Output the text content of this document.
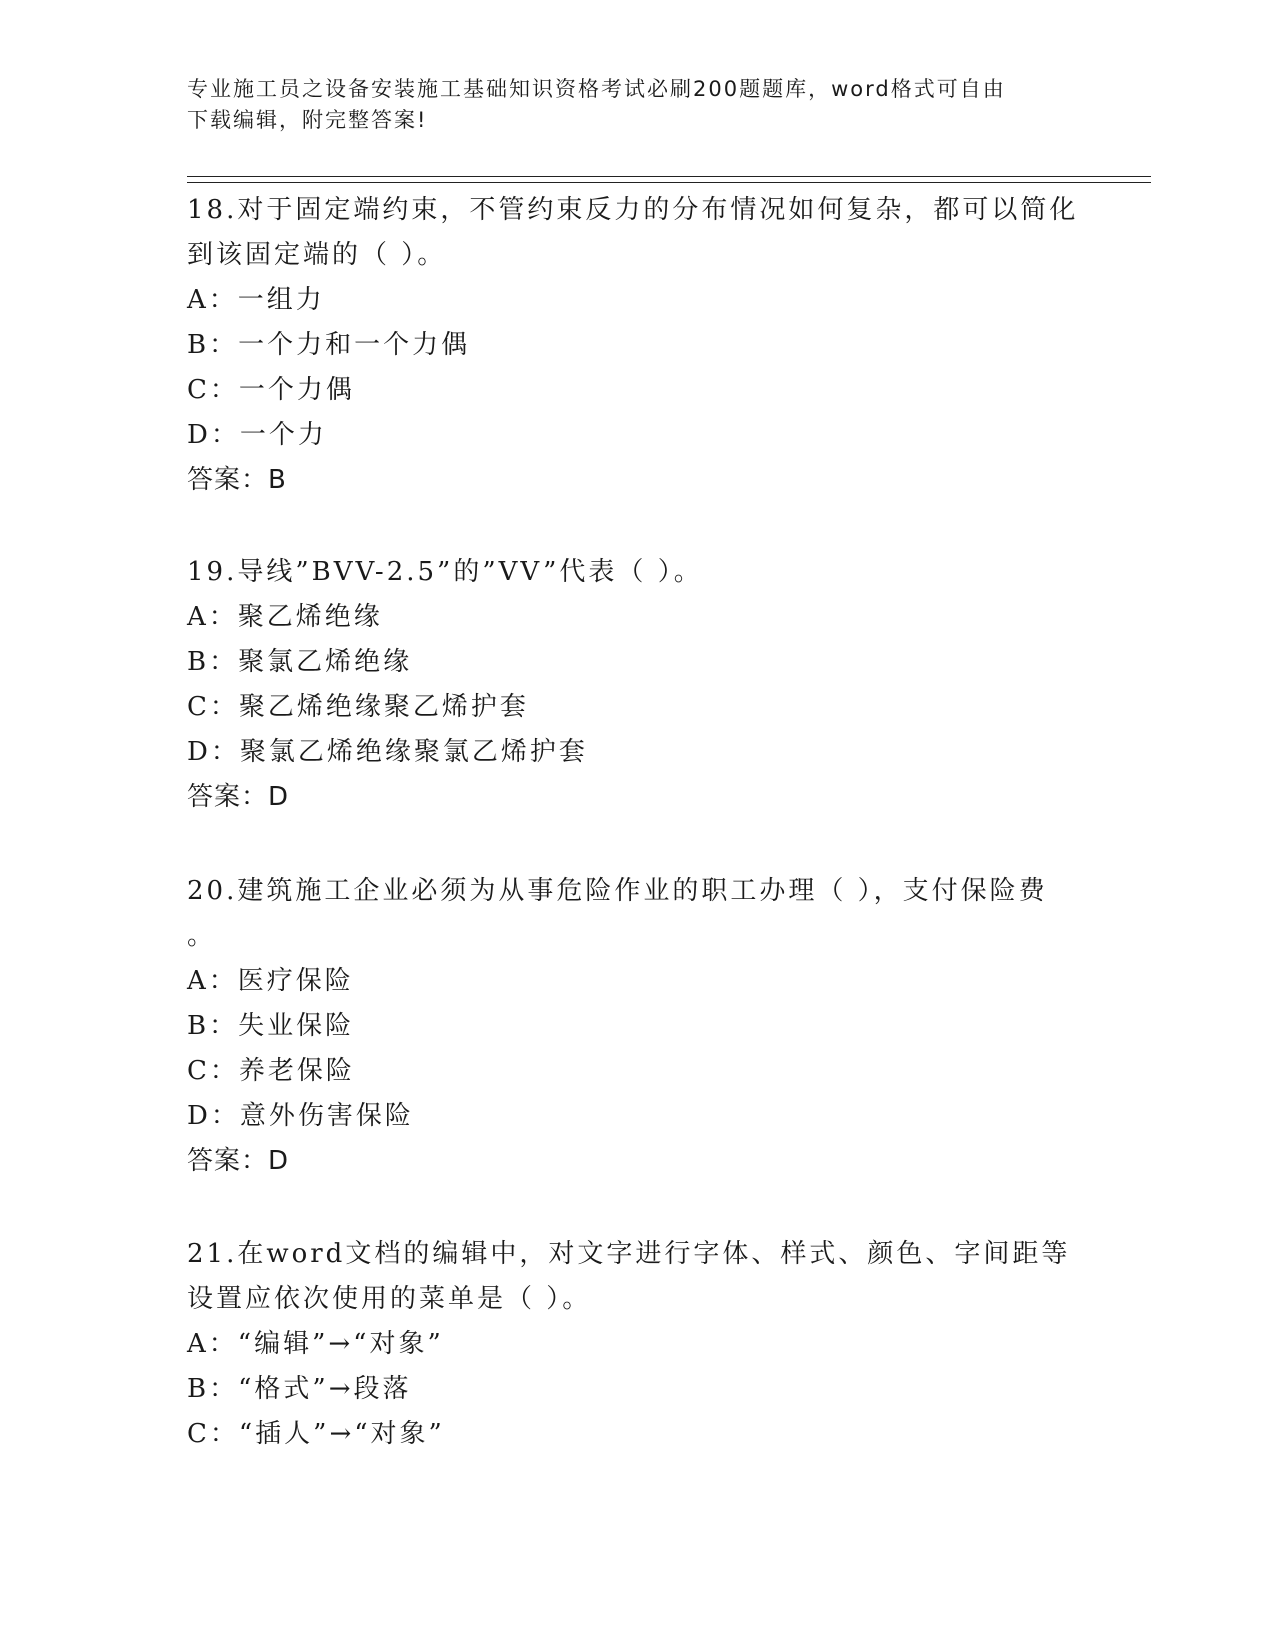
专业施工员之设备安装施工基础知识资格考试必刷200题题库，word格式可自由
下载编辑，附完整答案!

18.对于固定端约束，不管约束反力的分布情况如何复杂，都可以简化

到该固定端的（ ）。

A：一组力

B：一个力和一个力偶

C：一个力偶

D：一个力

答案：B

19.导线”BVV-2.5”的”VV”代表（ ）。

A：聚乙烯绝缘

B：聚氯乙烯绝缘

C：聚乙烯绝缘聚乙烯护套

D：聚氯乙烯绝缘聚氯乙烯护套

答案：D

20.建筑施工企业必须为从事危险作业的职工办理（ ），支付保险费

。

A：医疗保险

B：失业保险

C：养老保险

D：意外伤害保险

答案：D

21.在word文档的编辑中，对文字进行字体、样式、颜色、字间距等

设置应依次使用的菜单是（ ）。

A：“编辑”→“对象”

B：“格式”→段落

C：“插人”→“对象”
